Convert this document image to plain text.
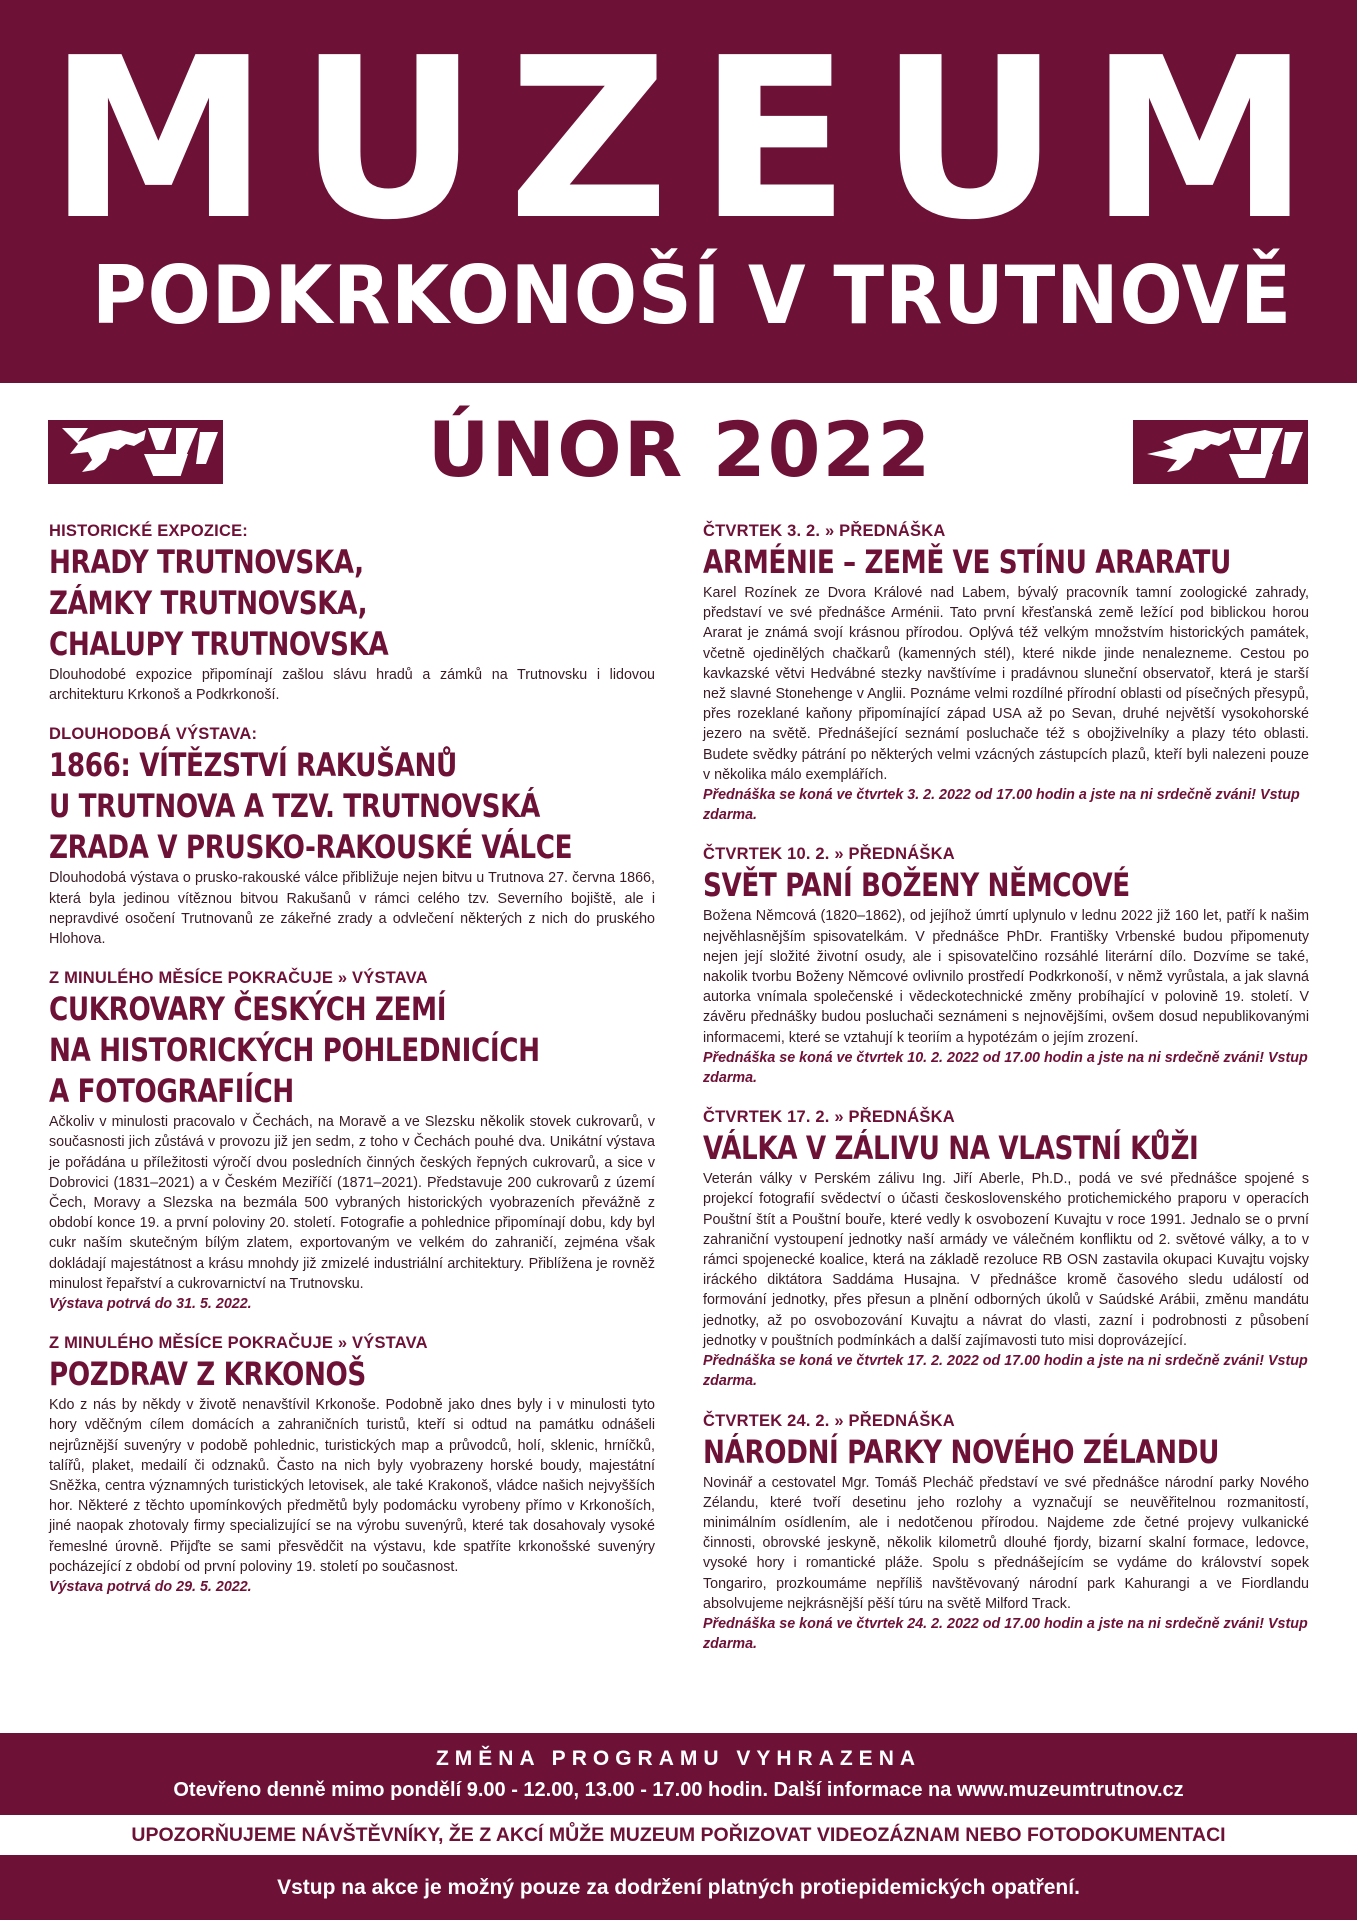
M U Z E U M
PODKRKONOŠÍ V TRUTNOVĚ
ÚNOR 2022
HISTORICKÉ EXPOZICE:
HRADY TRUTNOVSKA,
ZÁMKY TRUTNOVSKA,
CHALUPY TRUTNOVSKA
Dlouhodobé expozice připomínají zašlou slávu hradů a zámků na Trutnovsku i lidovou architekturu Krkonoš a Podkrkonoší.
DLOUHODOBÁ VÝSTAVA:
1866: VÍTĚZSTVÍ RAKUŠANŮ
U TRUTNOVA A TZV. TRUTNOVSKÁ
ZRADA V PRUSKO-RAKOUSKÉ VÁLCE
Dlouhodobá výstava o prusko-rakouské válce přibližuje nejen bitvu u Trutnova 27. června 1866, která byla jedinou vítěznou bitvou Rakušanů v rámci celého tzv. Severního bojiště, ale i nepravdivé osočení Trutnovanů ze zákeřné zrady a odvlečení některých z nich do pruského Hlohova.
Z MINULÉHO MĚSÍCE POKRAČUJE » VÝSTAVA
CUKROVARY ČESKÝCH ZEMÍ
NA HISTORICKÝCH POHLEDNICÍCH
A FOTOGRAFIÍCH
Ačkoliv v minulosti pracovalo v Čechách, na Moravě a ve Slezsku několik stovek cukrovarů, v současnosti jich zůstává v provozu již jen sedm, z toho v Čechách pouhé dva. Unikátní výstava je pořádána u příležitosti výročí dvou posledních činných českých řepných cukrovarů, a sice v Dobrovici (1831–2021) a v Českém Meziříčí (1871–2021). Představuje 200 cukrovarů z území Čech, Moravy a Slezska na bezmála 500 vybraných historických vyobrazeních převážně z období konce 19. a první poloviny 20. století. Fotografie a pohlednice připomínají dobu, kdy byl cukr naším skutečným bílým zlatem, exportovaným ve velkém do zahraničí, zejména však dokládají majestátnost a krásu mnohdy již zmizelé industriální architektury. Přiblížena je rovněž minulost řepařství a cukrovarnictví na Trutnovsku.
Výstava potrvá do 31. 5. 2022.
Z MINULÉHO MĚSÍCE POKRAČUJE » VÝSTAVA
POZDRAV Z KRKONOŠ
Kdo z nás by někdy v životě nenavštívil Krkonoše. Podobně jako dnes byly i v minulosti tyto hory vděčným cílem domácích a zahraničních turistů, kteří si odtud na památku odnášeli nejrůznější suvenýry v podobě pohlednic, turistických map a průvodců, holí, sklenic, hrníčků, talířů, plaket, medailí či odznaků. Často na nich byly vyobrazeny horské boudy, majestátní Sněžka, centra významných turistických letovisek, ale také Krakonoš, vládce našich nejvyšších hor. Některé z těchto upomínkových předmětů byly podomácku vyrobeny přímo v Krkonoších, jiné naopak zhotovaly firmy specializující se na výrobu suvenýrů, které tak dosahovaly vysoké řemeslné úrovně. Přijďte se sami přesvědčit na výstavu, kde spatříte krkonošské suvenýry pocházející z období od první poloviny 19. století po současnost.
Výstava potrvá do 29. 5. 2022.
ČTVRTEK 3. 2. » PŘEDNÁŠKA
ARMÉNIE – ZEMĚ VE STÍNU ARARATU
Karel Rozínek ze Dvora Králové nad Labem, bývalý pracovník tamní zoologické zahrady, představí ve své přednášce Arménii. Tato první křesťanská země ležící pod biblickou horou Ararat je známá svojí krásnou přírodou. Oplývá též velkým množstvím historických památek, včetně ojedinělých chačkarů (kamenných stél), které nikde jinde nenalezneme. Cestou po kavkazské větvi Hedvábné stezky navštívíme i pradávnou sluneční observatoř, která je starší než slavné Stonehenge v Anglii. Poznáme velmi rozdílné přírodní oblasti od písečných přesypů, přes rozeklané kaňony připomínající západ USA až po Sevan, druhé největší vysokohorské jezero na světě. Přednášející seznámí posluchače též s obojživelníky a plazy této oblasti. Budete svědky pátrání po některých velmi vzácných zástupcích plazů, kteří byli nalezeni pouze v několika málo exemplářích.
Přednáška se koná ve čtvrtek 3. 2. 2022 od 17.00 hodin a jste na ni srdečně zváni! Vstup zdarma.
ČTVRTEK 10. 2. » PŘEDNÁŠKA
SVĚT PANÍ BOŽENY NĚMCOVÉ
Božena Němcová (1820–1862), od jejíhož úmrtí uplynulo v lednu 2022 již 160 let, patří k našim nejvěhlasnějším spisovatelkám. V přednášce PhDr. Františky Vrbenské budou připomenuty nejen její složité životní osudy, ale i spisovatelčino rozsáhlé literární dílo. Dozvíme se také, nakolik tvorbu Boženy Němcové ovlivnilo prostředí Podkrkonoší, v němž vyrůstala, a jak slavná autorka vnímala společenské i vědeckotechnické změny probíhající v polovině 19. století. V závěru přednášky budou posluchači seznámeni s nejnovějšími, ovšem dosud nepublikovanými informacemi, které se vztahují k teoriím a hypotézám o jejím zrození.
Přednáška se koná ve čtvrtek 10. 2. 2022 od 17.00 hodin a jste na ni srdečně zváni! Vstup zdarma.
ČTVRTEK 17. 2. » PŘEDNÁŠKA
VÁLKA V ZÁLIVU NA VLASTNÍ KŮŽI
Veterán války v Perském zálivu Ing. Jiří Aberle, Ph.D., podá ve své přednášce spojené s projekcí fotografií svědectví o účasti československého protichemického praporu v operacích Pouštní štít a Pouštní bouře, které vedly k osvobození Kuvajtu v roce 1991. Jednalo se o první zahraniční vystoupení jednotky naší armády ve válečném konfliktu od 2. světové války, a to v rámci spojenecké koalice, která na základě rezoluce RB OSN zastavila okupaci Kuvajtu vojsky iráckého diktátora Saddáma Husajna. V přednášce kromě časového sledu událostí od formování jednotky, přes přesun a plnění odborných úkolů v Saúdské Arábii, změnu mandátu jednotky, až po osvobozování Kuvajtu a návrat do vlasti, zazní i podrobnosti z působení jednotky v pouštních podmínkách a další zajímavosti tuto misi doprovázející.
Přednáška se koná ve čtvrtek 17. 2. 2022 od 17.00 hodin a jste na ni srdečně zváni! Vstup zdarma.
ČTVRTEK 24. 2. » PŘEDNÁŠKA
NÁRODNÍ PARKY NOVÉHO ZÉLANDU
Novinář a cestovatel Mgr. Tomáš Plecháč představí ve své přednášce národní parky Nového Zélandu, které tvoří desetinu jeho rozlohy a vyznačují se neuvěřitelnou rozmanitostí, minimálním osídlením, ale i nedotčenou přírodou. Najdeme zde četné projevy vulkanické činnosti, obrovské jeskyně, několik kilometrů dlouhé fjordy, bizarní skalní formace, ledovce, vysoké hory i romantické pláže. Spolu s přednášejícím se vydáme do království sopek Tongariro, prozkoumáme nepříliš navštěvovaný národní park Kahurangi a ve Fiordlandu absolvujeme nejkrásnější pěší túru na světě Milford Track.
Přednáška se koná ve čtvrtek 24. 2. 2022 od 17.00 hodin a jste na ni srdečně zváni! Vstup zdarma.
ZMĚNA PROGRAMU VYHRAZENA
Otevřeno denně mimo pondělí 9.00 - 12.00, 13.00 - 17.00 hodin. Další informace na www.muzeumtrutnov.cz
UPOZORŇUJEME NÁVŠTĚVNÍKY, ŽE Z AKCÍ MŮŽE MUZEUM POŘIZOVAT VIDEOZÁZNAM NEBO FOTODOKUMENTACI
Vstup na akce je možný pouze za dodržení platných protiepidemických opatření.
